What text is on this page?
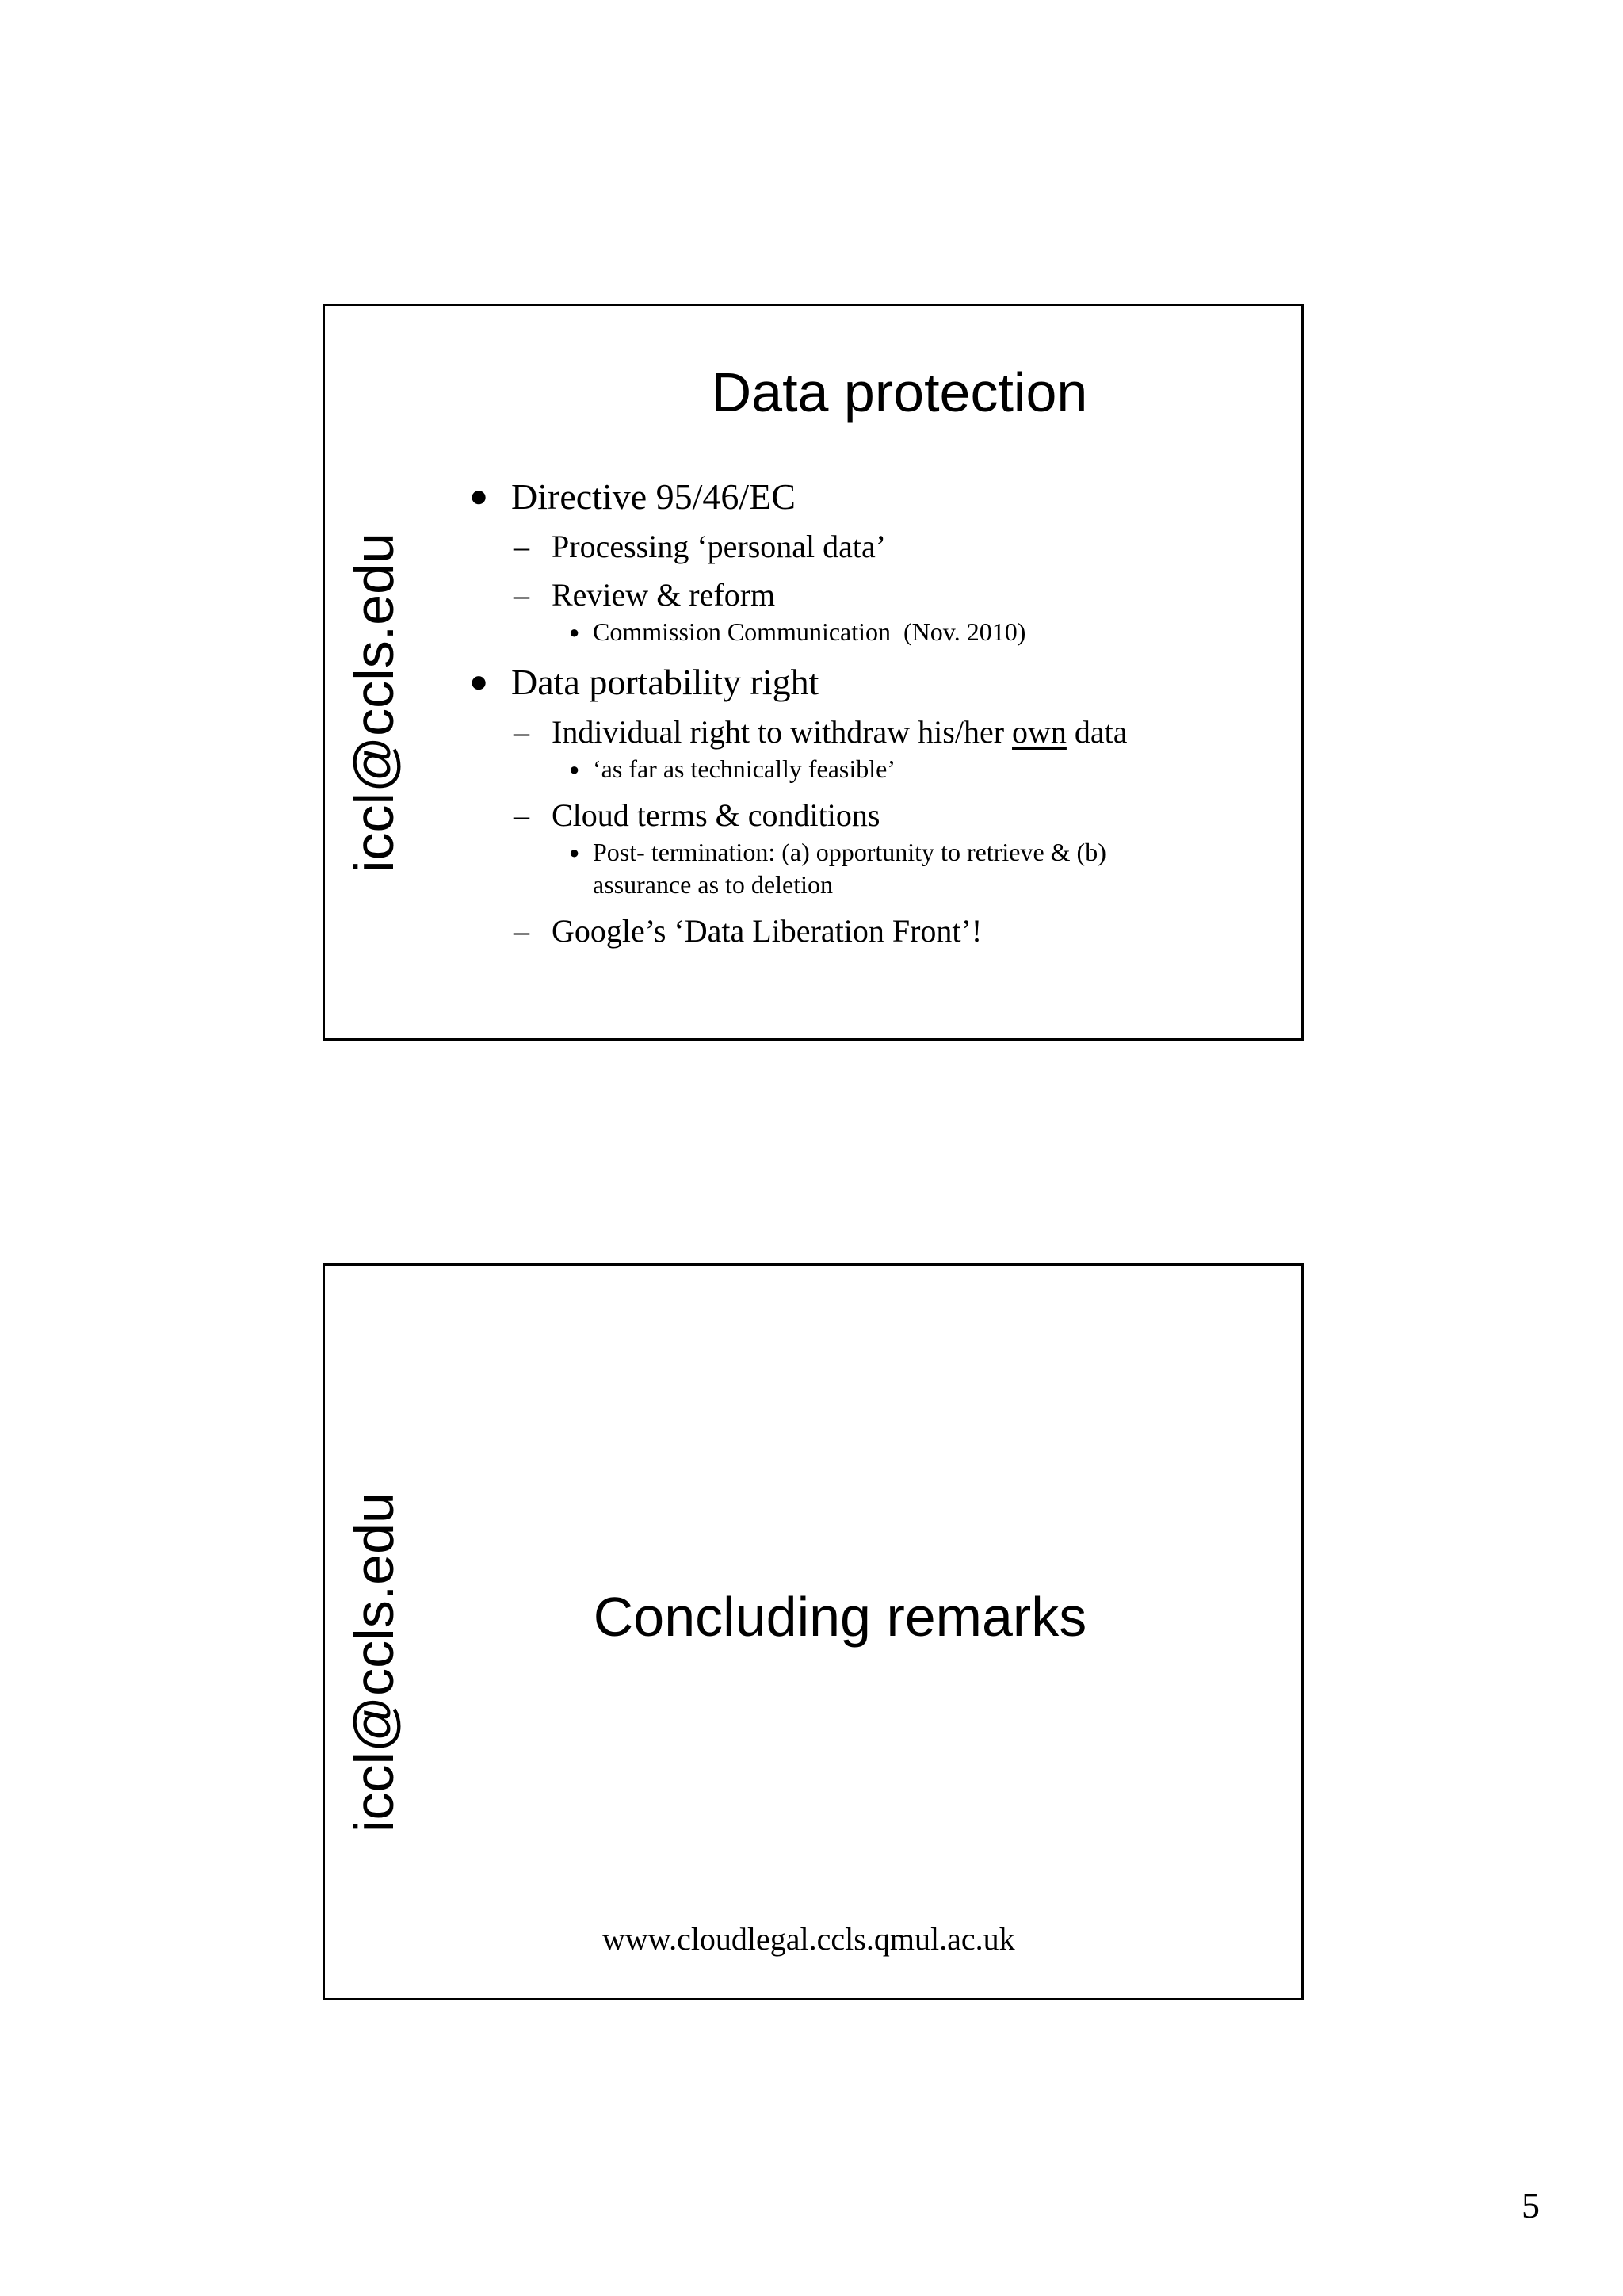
iccl@ccls.edu
Data protection
● Directive 95/46/EC
– Processing ‘personal data’
– Review & reform
● Commission Communication  (Nov. 2010)
● Data portability right
– Individual right to withdraw his/her own data
● ‘as far as technically feasible’
– Cloud terms & conditions
● Post- termination: (a) opportunity to retrieve & (b) assurance as to deletion
– Google’s ‘Data Liberation Front’!
iccl@ccls.edu	Concluding remarks
www.cloudlegal.ccls.qmul.ac.uk
5
